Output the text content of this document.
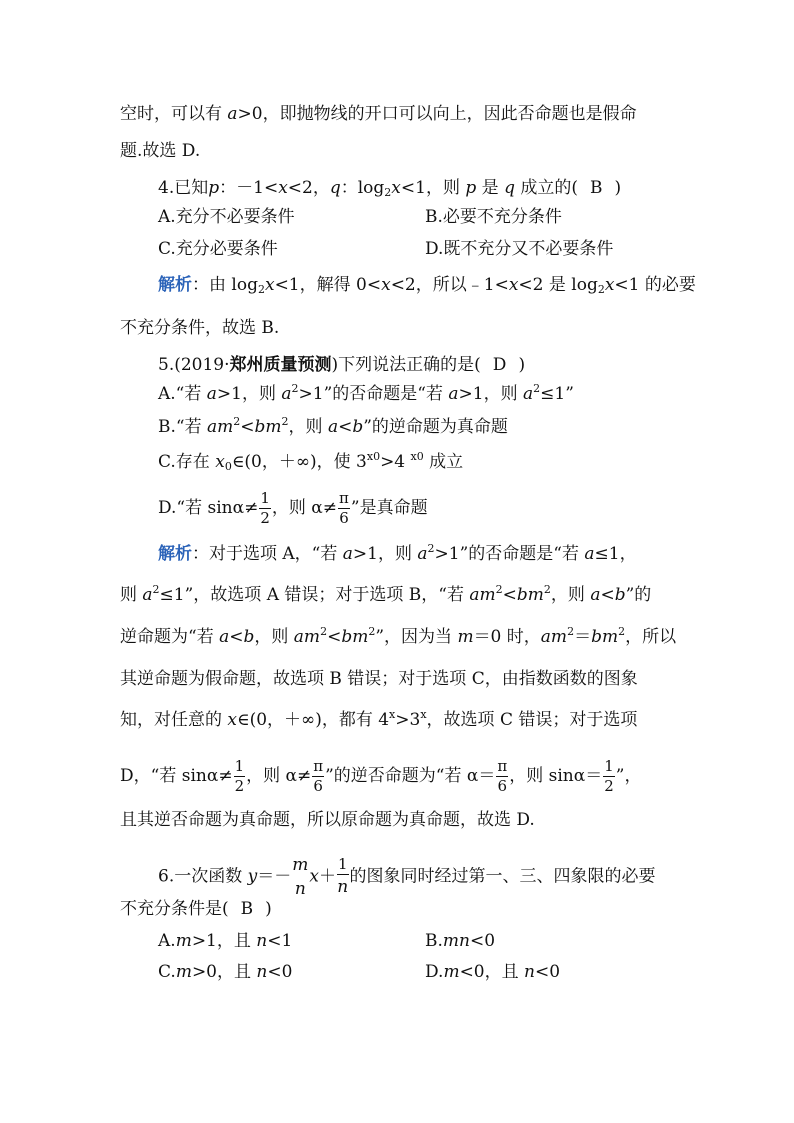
空时，可以有 a>0，即抛物线的开口可以向上，因此否命题也是假命
题.故选 D.
4.已知p：－1<x<2，q：$\log_2x<1$，则 p 是 q 成立的( B )
A.充分不必要条件	B.必要不充分条件
C.充分必要条件	D.既不充分又不必要条件
解析：由 $\log_2x<1$，解得 0<x<2，所以﹣1<x<2 是 $\log_2x<1$ 的必要
不充分条件，故选 B.
5.(2019·郑州质量预测)下列说法正确的是( D )
A.“若 a>1，则 $a^2>1$”的否命题是“若 a>1，则 $a^2\le 1$”
B.“若 $am^2<bm^2$，则 a<b”的逆命题为真命题
C.存在 $x_0\in(0$，＋∞)，使 $3^{x0}>4$ $^{x0}$ 成立
D.“若 $\sin\alpha\ne \frac{1}{2}$ ，则 $\alpha\ne \frac{\pi}{6}$ ”是真命题
解析：对于选项 A，“若 a>1，则 $a^2>1$”的否命题是“若 a≤1，
则 $a^2\le 1$”，故选项 A 错误；对于选项 B，“若 $am^2<bm^2$，则 a<b”的
逆命题为“若 a<b，则 $am^2<bm^2$”，因为当 m＝0 时，$am^2=bm^2$，所以
其逆命题为假命题，故选项 B 错误；对于选项 C，由指数函数的图象
知，对任意的 x∈(0，＋∞)，都有 $4^x>3^x$，故选项 C 错误；对于选项
D，“若 $\sin\alpha\ne \frac{1}{2}$ ，则 $\alpha\ne \frac{\pi}{6}$ ”的逆否命题为“若 $\alpha= \frac{\pi}{6}$ ，则 $\sin\alpha= \frac{1}{2}$ ”，
且其逆否命题为真命题，所以原命题为真命题，故选 D.
6.一次函数 y＝－
m
n
$x+ \frac{1}{n}$ 的图象同时经过第一、三、四象限的必要
不充分条件是( B )
A.m>1，且 n<1	B.mn<0
C.m>0，且 n<0	D.m<0，且 n<0
